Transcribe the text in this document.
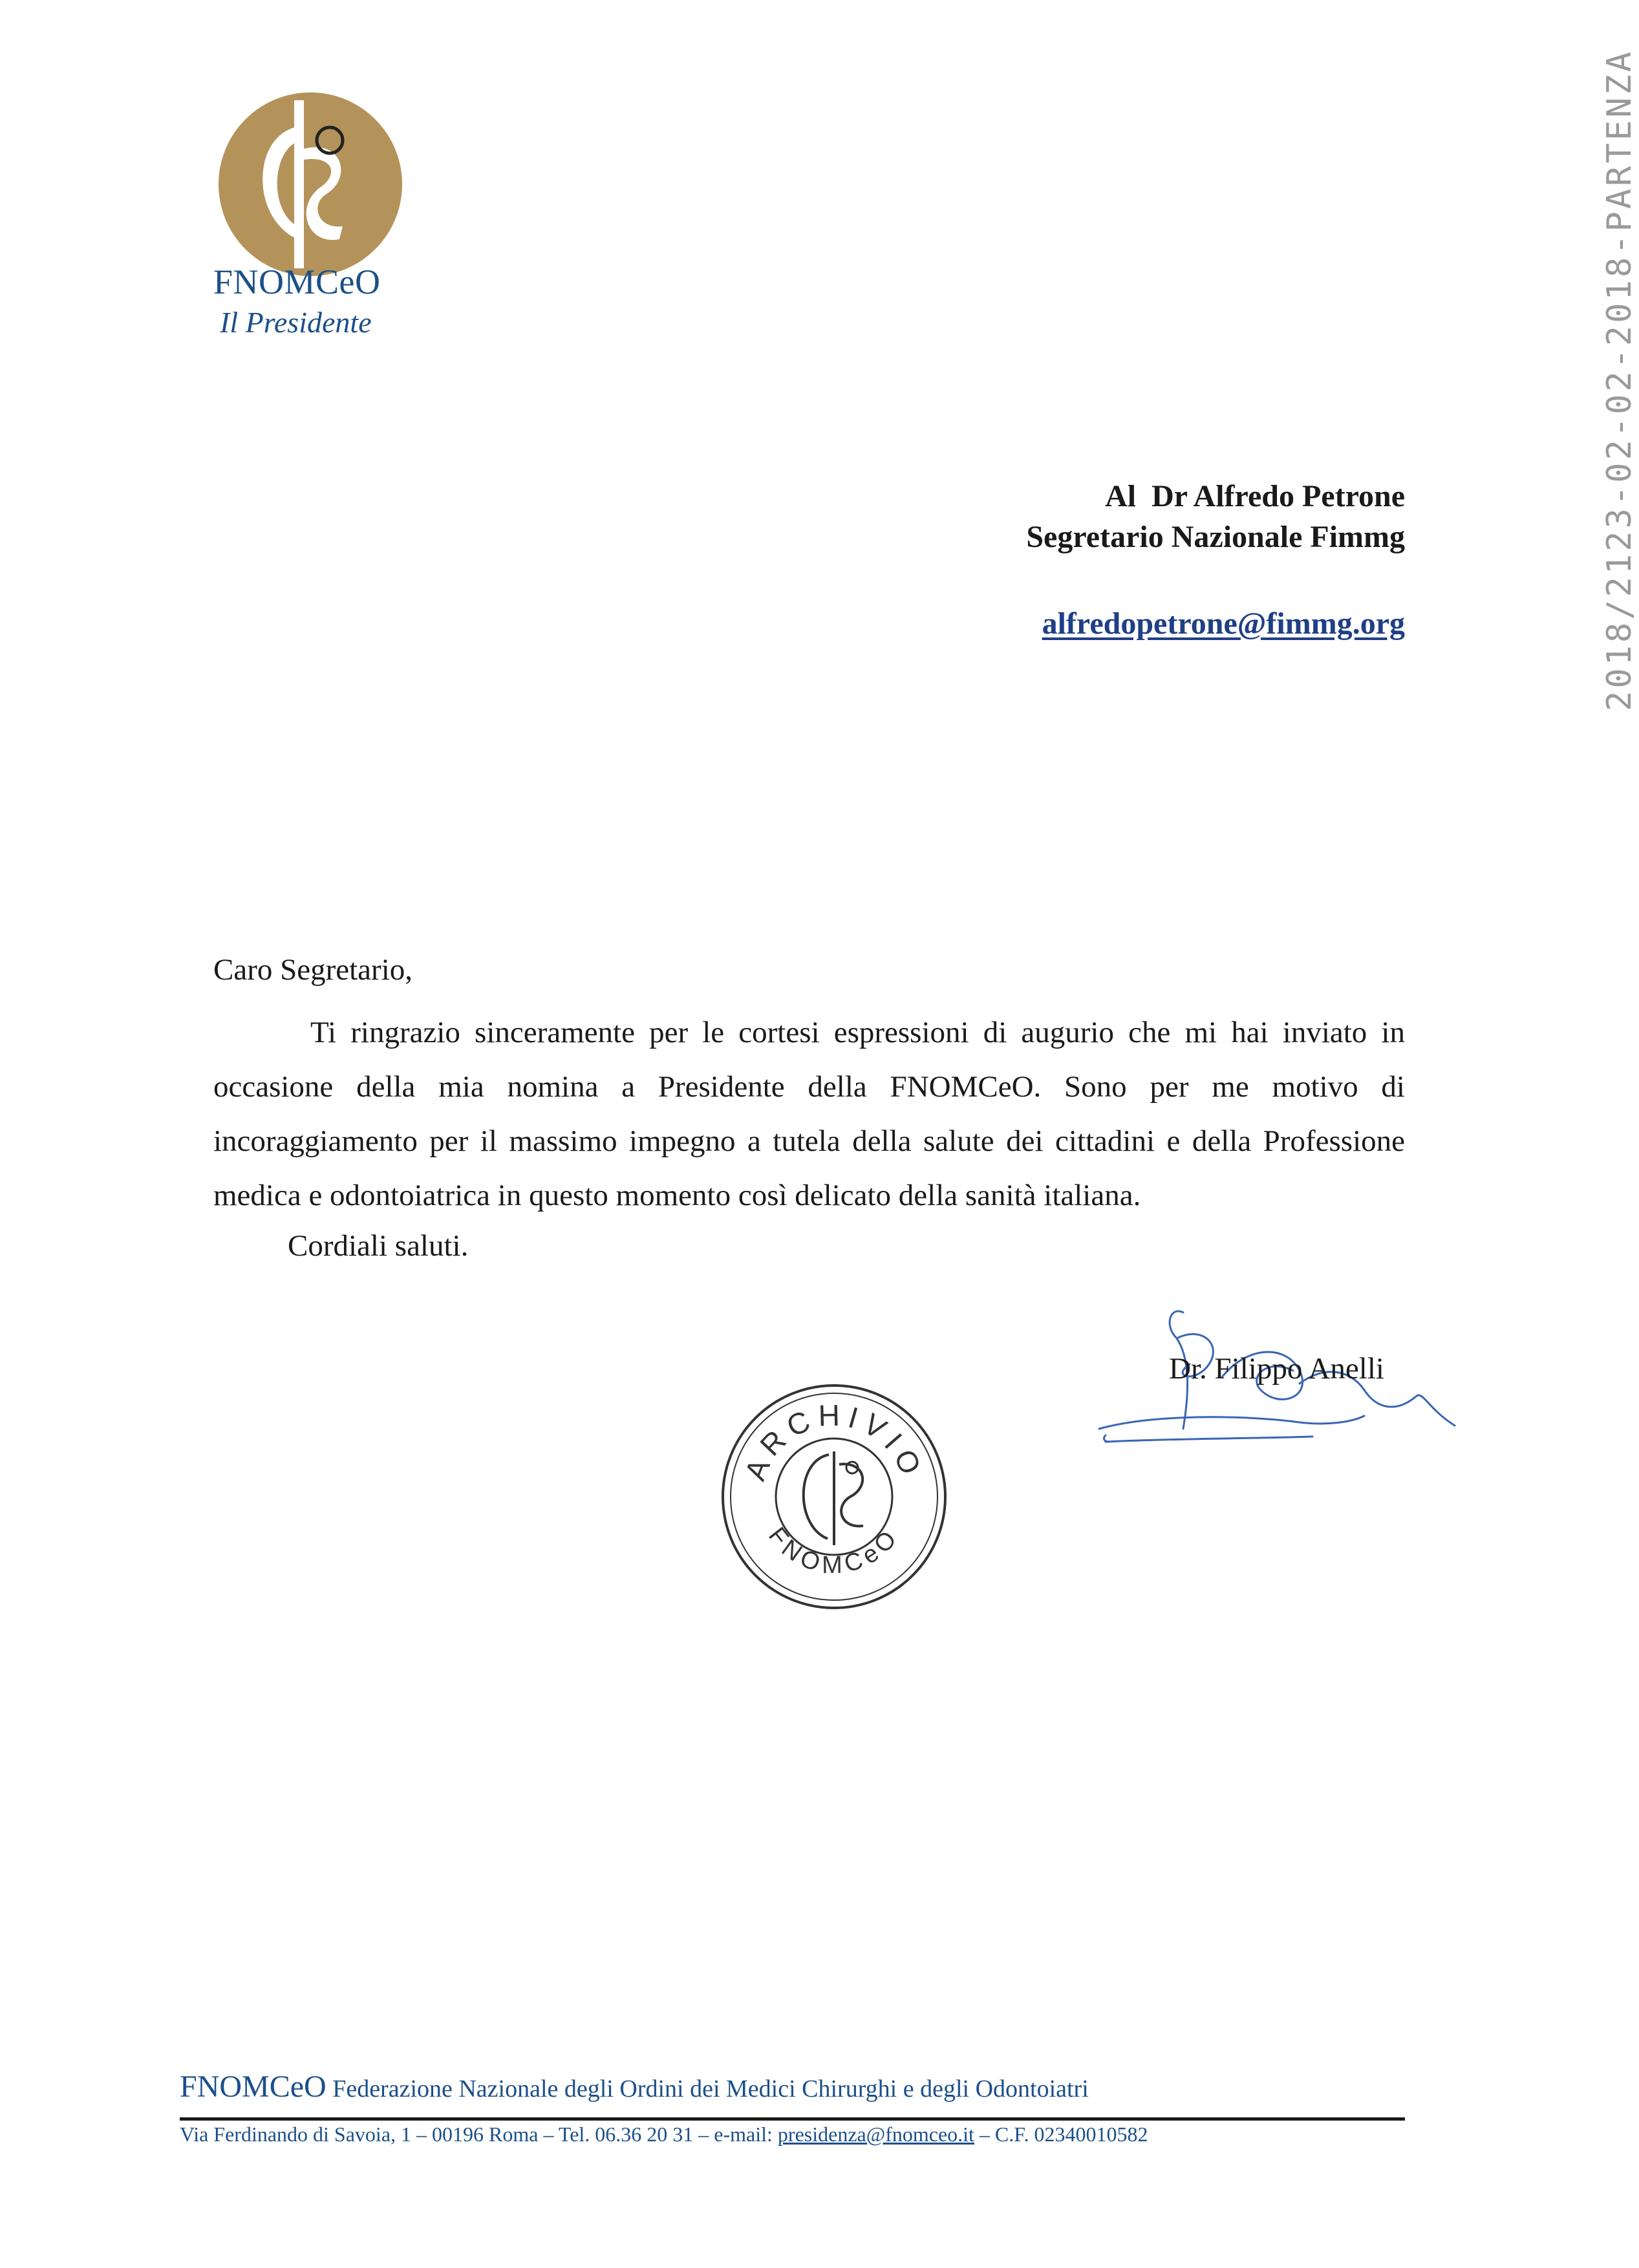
FNOMCeO
Il Presidente	2018/2123-02-02-2018-PARTENZA
Al  Dr Alfredo Petrone
Segretario Nazionale Fimmg
alfredopetrone@fimmg.org
Caro Segretario,
Ti ringrazio sinceramente per le cortesi espressioni di augurio che mi hai inviato in occasione della mia nomina a Presidente della FNOMCeO. Sono per me motivo di incoraggiamento per il massimo impegno a tutela della salute dei cittadini e della Professione medica e odontoiatrica in questo momento così delicato della sanità italiana.
Cordiali saluti.
Dr. Filippo Anelli
ARCHIVIO
FNOMCeO
FNOMCeO Federazione Nazionale degli Ordini dei Medici Chirurghi e degli Odontoiatri
Via Ferdinando di Savoia, 1 – 00196 Roma – Tel. 06.36 20 31 – e-mail: presidenza@fnomceo.it – C.F. 02340010582
